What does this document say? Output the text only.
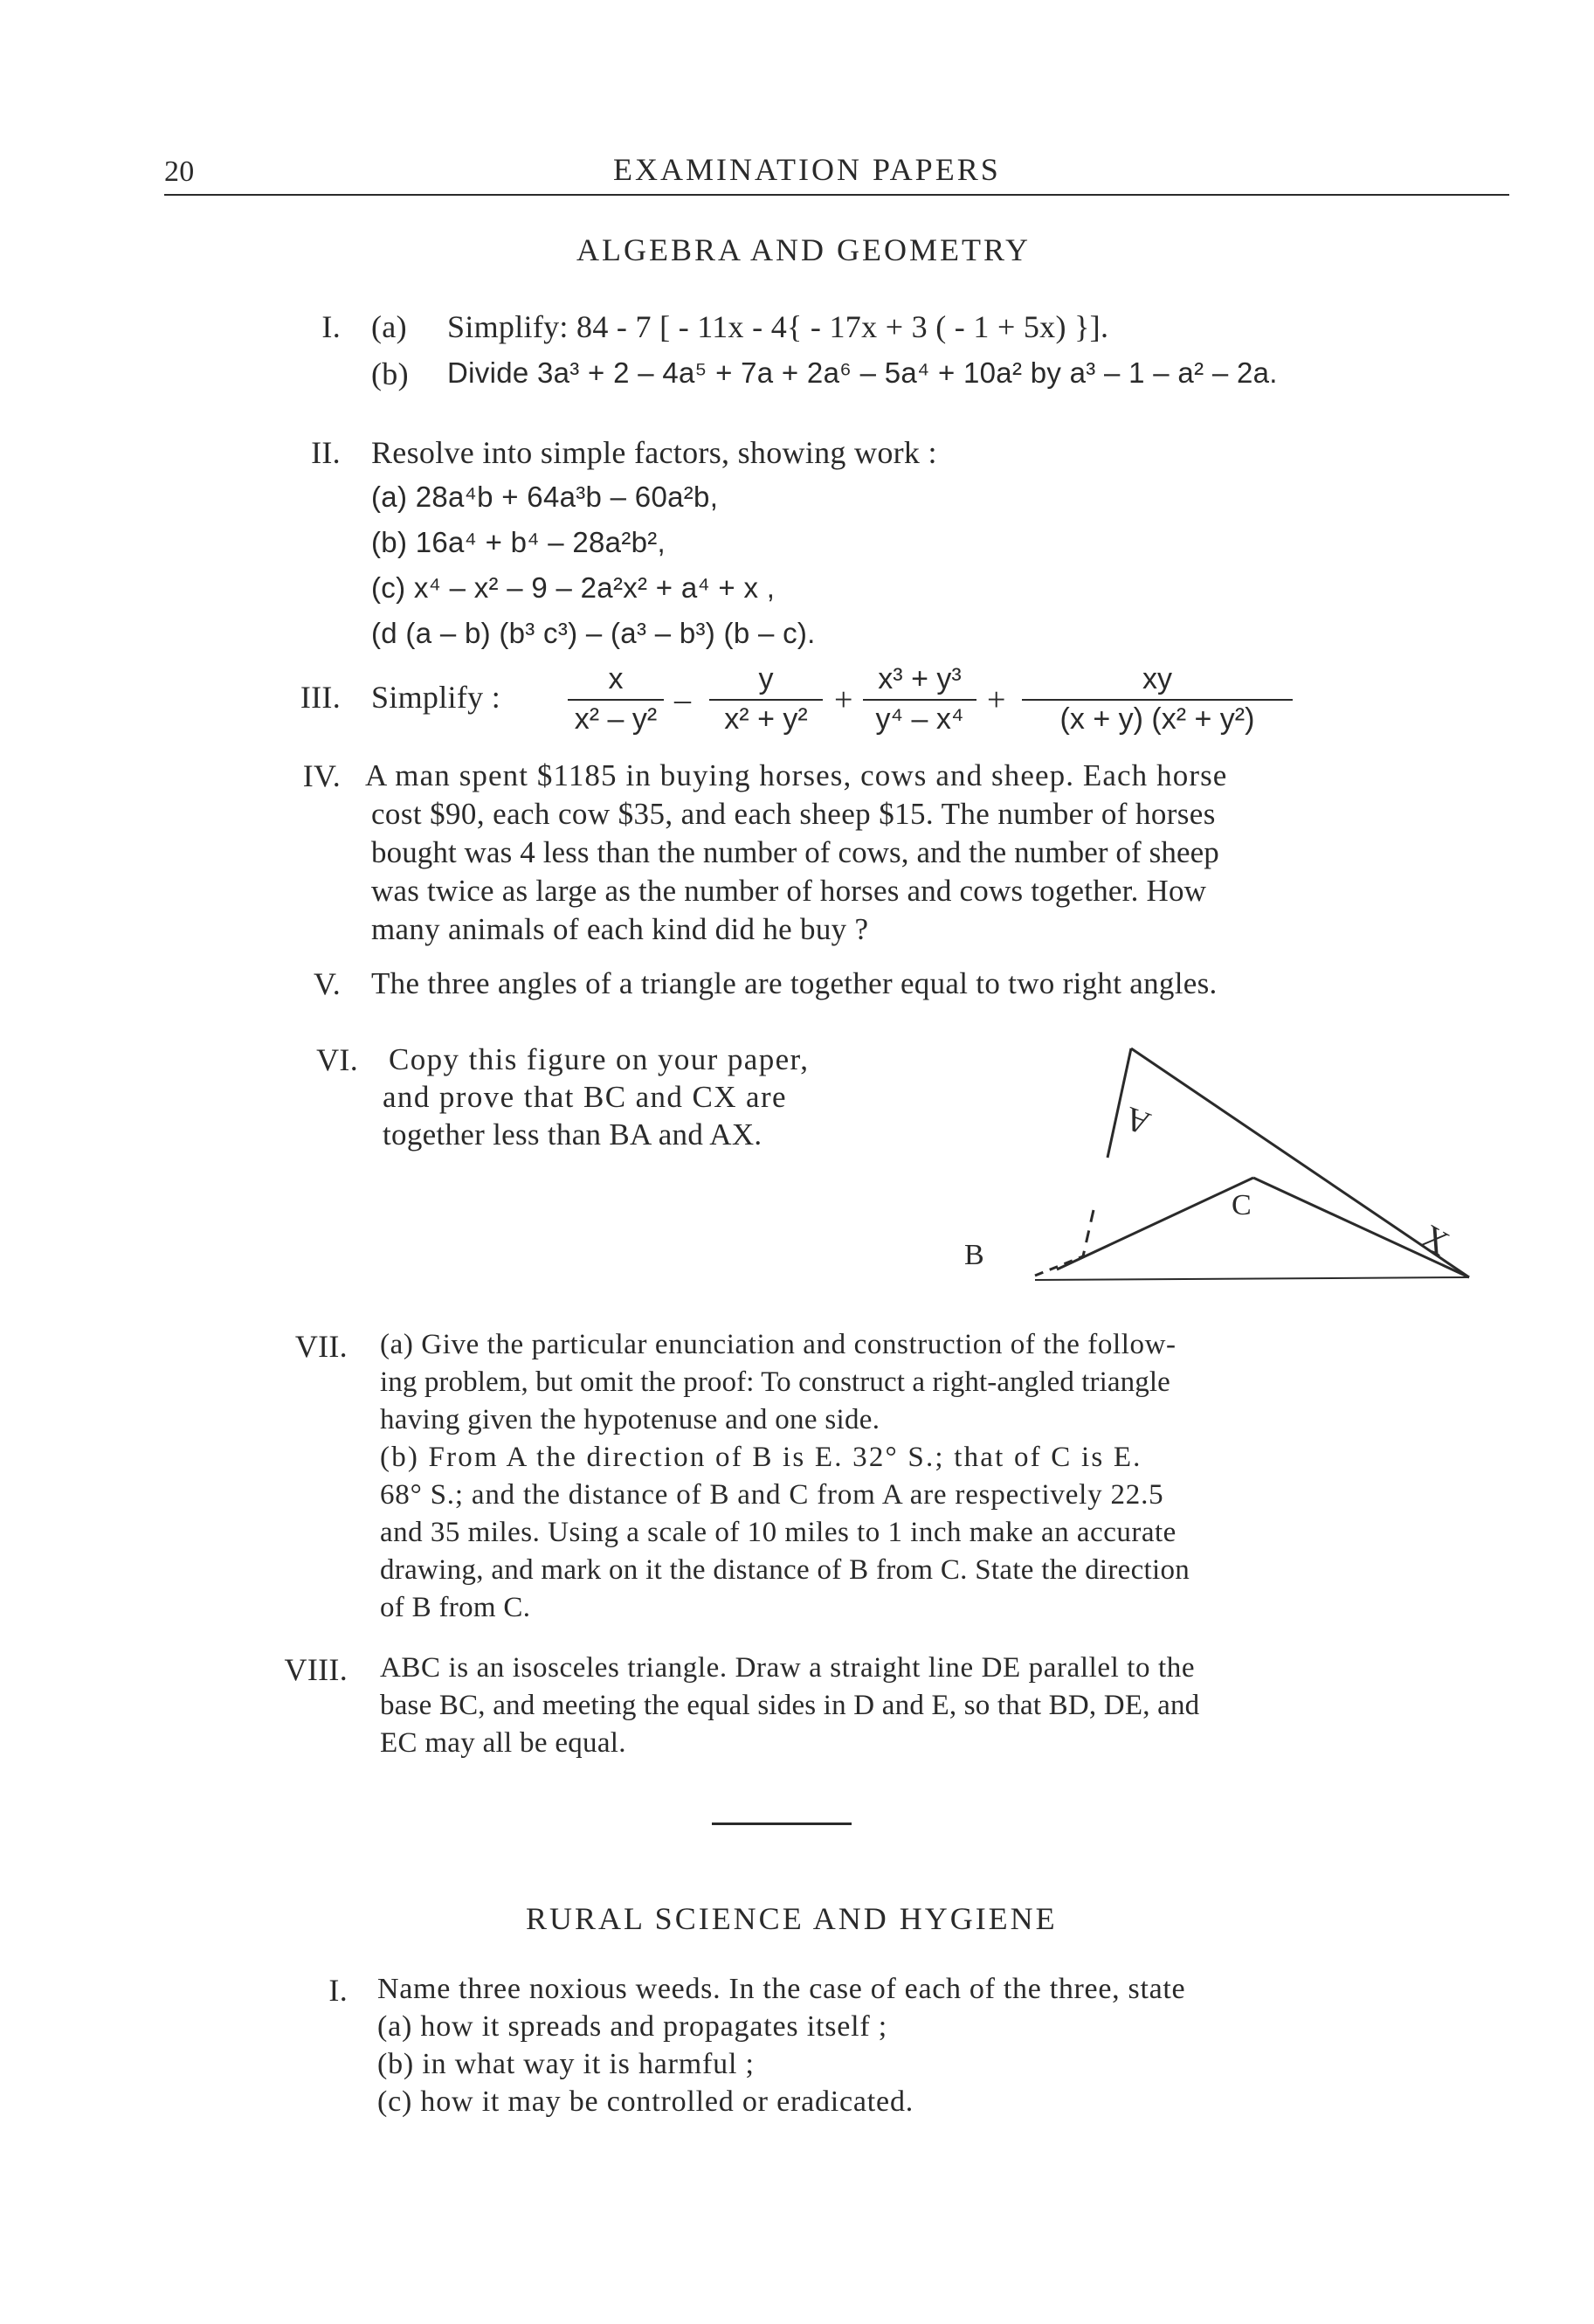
20	EXAMINATION PAPERS
ALGEBRA AND GEOMETRY
I. (a) Simplify: 84 - 7 [ - 11x - 4{ - 17x + 3 ( - 1 + 5x) }].
(b) Divide 3a³ + 2 – 4a⁵ + 7a + 2a⁶ – 5a⁴ + 10a² by a³ – 1 – a² – 2a.
II. Resolve into simple factors, showing work :
(a) 28a⁴b + 64a³b – 60a²b,
(b) 16a⁴ + b⁴ – 28a²b²,
(c) x⁴ – x² – 9 – 2a²x² + a⁴ + x ,
(d (a – b) (b³ c³) – (a³ – b³) (b – c).
III. Simplify :
x
x² – y²
–
y
x² + y²
+
x³ + y³
y⁴ – x⁴
+
xy
(x + y) (x² + y²)
IV. A man spent $1185 in buying horses, cows and sheep. Each horse
cost $90, each cow $35, and each sheep $15. The number of horses
bought was 4 less than the number of cows, and the number of sheep
was twice as large as the number of horses and cows together. How
many animals of each kind did he buy ?
V. The three angles of a triangle are together equal to two right angles.
VI. Copy this figure on your paper,
and prove that BC and CX are
together less than BA and AX.	A
C
X
B
VII. (a) Give the particular enunciation and construction of the follow-
ing problem, but omit the proof: To construct a right-angled triangle
having given the hypotenuse and one side.
(b) From A the direction of B is E. 32° S.; that of C is E.
68° S.; and the distance of B and C from A are respectively 22.5
and 35 miles. Using a scale of 10 miles to 1 inch make an accurate
drawing, and mark on it the distance of B from C. State the direction
of B from C.
VIII. ABC is an isosceles triangle. Draw a straight line DE parallel to the
base BC, and meeting the equal sides in D and E, so that BD, DE, and
EC may all be equal.
RURAL SCIENCE AND HYGIENE
I. Name three noxious weeds. In the case of each of the three, state
(a) how it spreads and propagates itself ;
(b) in what way it is harmful ;
(c) how it may be controlled or eradicated.
